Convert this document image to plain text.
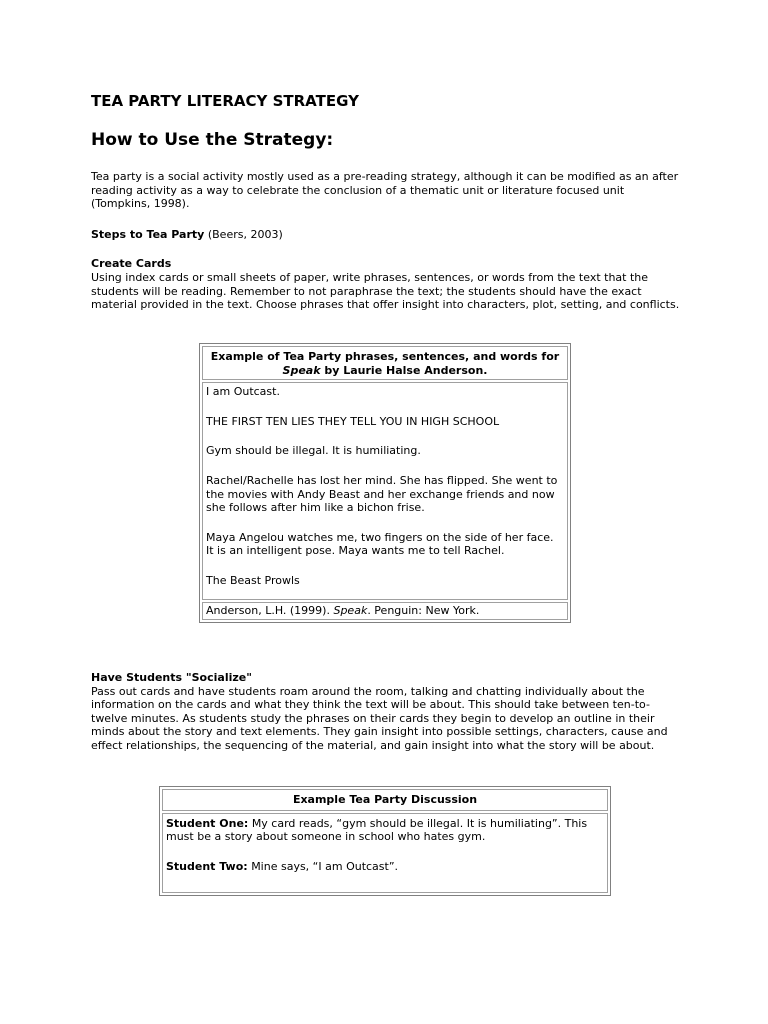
TEA PARTY LITERACY STRATEGY
How to Use the Strategy:

Tea party is a social activity mostly used as a pre-reading strategy, although it can be modified as an after reading activity as a way to celebrate the conclusion of a thematic unit or literature focused unit (Tompkins, 1998).

Steps to Tea Party (Beers, 2003)

Create Cards

Using index cards or small sheets of paper, write phrases, sentences, or words from the text that the students will be reading. Remember to not paraphrase the text; the students should have the exact material provided in the text. Choose phrases that offer insight into characters, plot, setting, and conflicts.

Example of Tea Party phrases, sentences, and words for Speak by Laurie Halse Anderson.

I am Outcast.

THE FIRST TEN LIES THEY TELL YOU IN HIGH SCHOOL

Gym should be illegal. It is humiliating.

Rachel/Rachelle has lost her mind. She has flipped. She went to the movies with Andy Beast and her exchange friends and now she follows after him like a bichon frise.

Maya Angelou watches me, two fingers on the side of her face. It is an intelligent pose. Maya wants me to tell Rachel.

The Beast Prowls

Anderson, L.H. (1999). Speak. Penguin: New York.

Have Students "Socialize"

Pass out cards and have students roam around the room, talking and chatting individually about the information on the cards and what they think the text will be about. This should take between ten-to-twelve minutes. As students study the phrases on their cards they begin to develop an outline in their minds about the story and text elements. They gain insight into possible settings, characters, cause and effect relationships, the sequencing of the material, and gain insight into what the story will be about.

Example Tea Party Discussion

Student One: My card reads, “gym should be illegal. It is humiliating”. This must be a story about someone in school who hates gym.

Student Two: Mine says, “I am Outcast”.
